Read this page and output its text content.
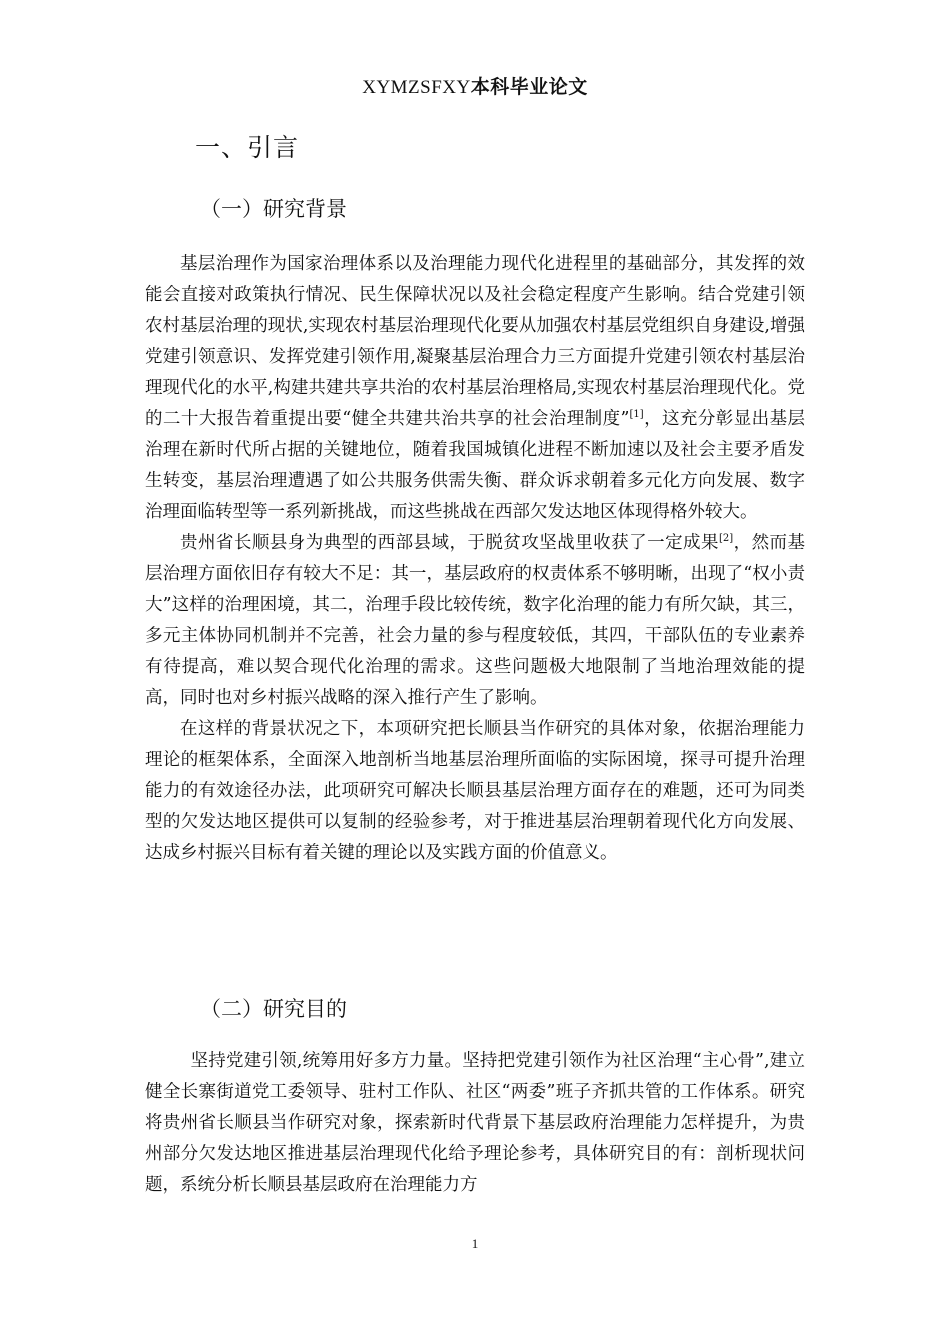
XYMZSFXY本科毕业论文
一、引言
（一）研究背景

基层治理作为国家治理体系以及治理能力现代化进程里的基础部分，其发挥的效能会直接对政策执行情况、民生保障状况以及社会稳定程度产生影响。结合党建引领农村基层治理的现状,实现农村基层治理现代化要从加强农村基层党组织自身建设,增强党建引领意识、发挥党建引领作用,凝聚基层治理合力三方面提升党建引领农村基层治理现代化的水平,构建共建共享共治的农村基层治理格局,实现农村基层治理现代化。党的二十大报告着重提出要“健全共建共治共享的社会治理制度”[1]，这充分彰显出基层治理在新时代所占据的关键地位，随着我国城镇化进程不断加速以及社会主要矛盾发生转变，基层治理遭遇了如公共服务供需失衡、群众诉求朝着多元化方向发展、数字治理面临转型等一系列新挑战，而这些挑战在西部欠发达地区体现得格外较大。

贵州省长顺县身为典型的西部县域，于脱贫攻坚战里收获了一定成果[2]，然而基层治理方面依旧存有较大不足：其一，基层政府的权责体系不够明晰，出现了“权小责大”这样的治理困境，其二，治理手段比较传统，数字化治理的能力有所欠缺，其三，多元主体协同机制并不完善，社会力量的参与程度较低，其四，干部队伍的专业素养有待提高，难以契合现代化治理的需求。这些问题极大地限制了当地治理效能的提高，同时也对乡村振兴战略的深入推行产生了影响。

在这样的背景状况之下，本项研究把长顺县当作研究的具体对象，依据治理能力理论的框架体系，全面深入地剖析当地基层治理所面临的实际困境，探寻可提升治理能力的有效途径办法，此项研究可解决长顺县基层治理方面存在的难题，还可为同类型的欠发达地区提供可以复制的经验参考，对于推进基层治理朝着现代化方向发展、达成乡村振兴目标有着关键的理论以及实践方面的价值意义。

（二）研究目的

坚持党建引领,统筹用好多方力量。坚持把党建引领作为社区治理“主心骨”,建立健全长寨街道党工委领导、驻村工作队、社区“两委”班子齐抓共管的工作体系。研究将贵州省长顺县当作研究对象，探索新时代背景下基层政府治理能力怎样提升，为贵州部分欠发达地区推进基层治理现代化给予理论参考，具体研究目的有：剖析现状问题，系统分析长顺县基层政府在治理能力方

1
